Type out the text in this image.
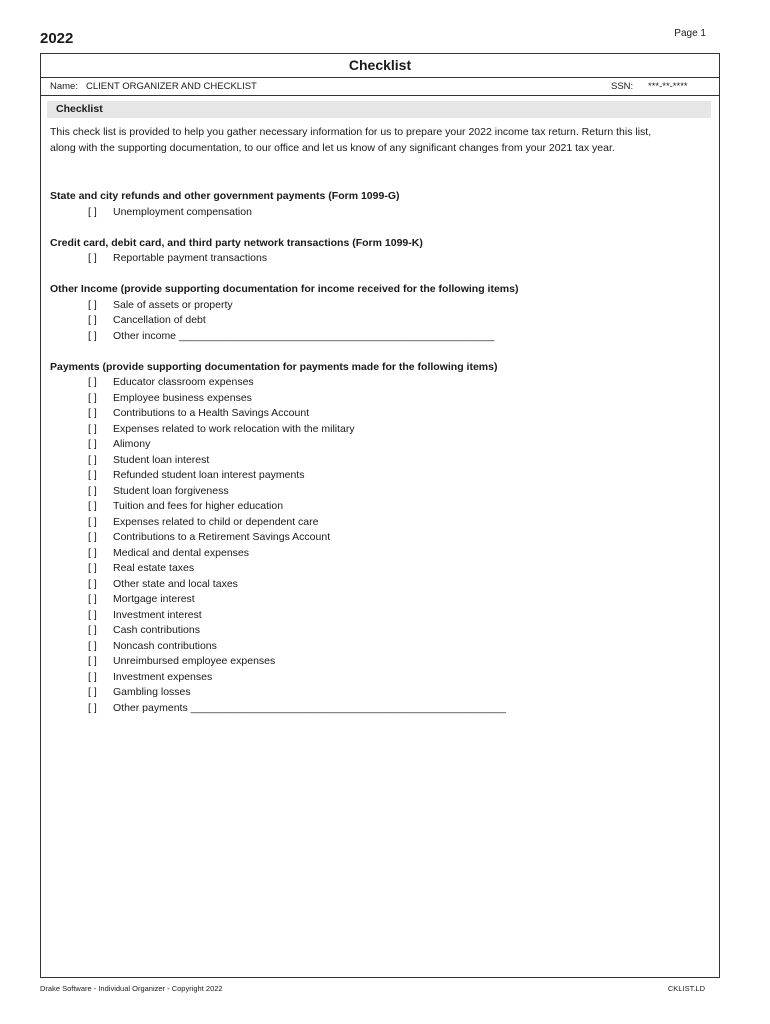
2022	Page 1
Checklist
Name: CLIENT ORGANIZER AND CHECKLIST	SSN: ***-**-****
Checklist
This check list is provided to help you gather necessary information for us to prepare your 2022 income tax return. Return this list, along with the supporting documentation, to our office and let us know of any significant changes from your 2021 tax year.
State and city refunds and other government payments (Form 1099-G)
[ ] Unemployment compensation
Credit card, debit card, and third party network transactions (Form 1099-K)
[ ] Reportable payment transactions
Other Income (provide supporting documentation for income received for the following items)
[ ] Sale of assets or property
[ ] Cancellation of debt
[ ] Other income ______________________________________________________
Payments (provide supporting documentation for payments made for the following items)
[ ] Educator classroom expenses
[ ] Employee business expenses
[ ] Contributions to a Health Savings Account
[ ] Expenses related to work relocation with the military
[ ] Alimony
[ ] Student loan interest
[ ] Refunded student loan interest payments
[ ] Student loan forgiveness
[ ] Tuition and fees for higher education
[ ] Expenses related to child or dependent care
[ ] Contributions to a Retirement Savings Account
[ ] Medical and dental expenses
[ ] Real estate taxes
[ ] Other state and local taxes
[ ] Mortgage interest
[ ] Investment interest
[ ] Cash contributions
[ ] Noncash contributions
[ ] Unreimbursed employee expenses
[ ] Investment expenses
[ ] Gambling losses
[ ] Other payments ______________________________________________________
Drake Software - Individual Organizer - Copyright 2022	CKLIST.LD
